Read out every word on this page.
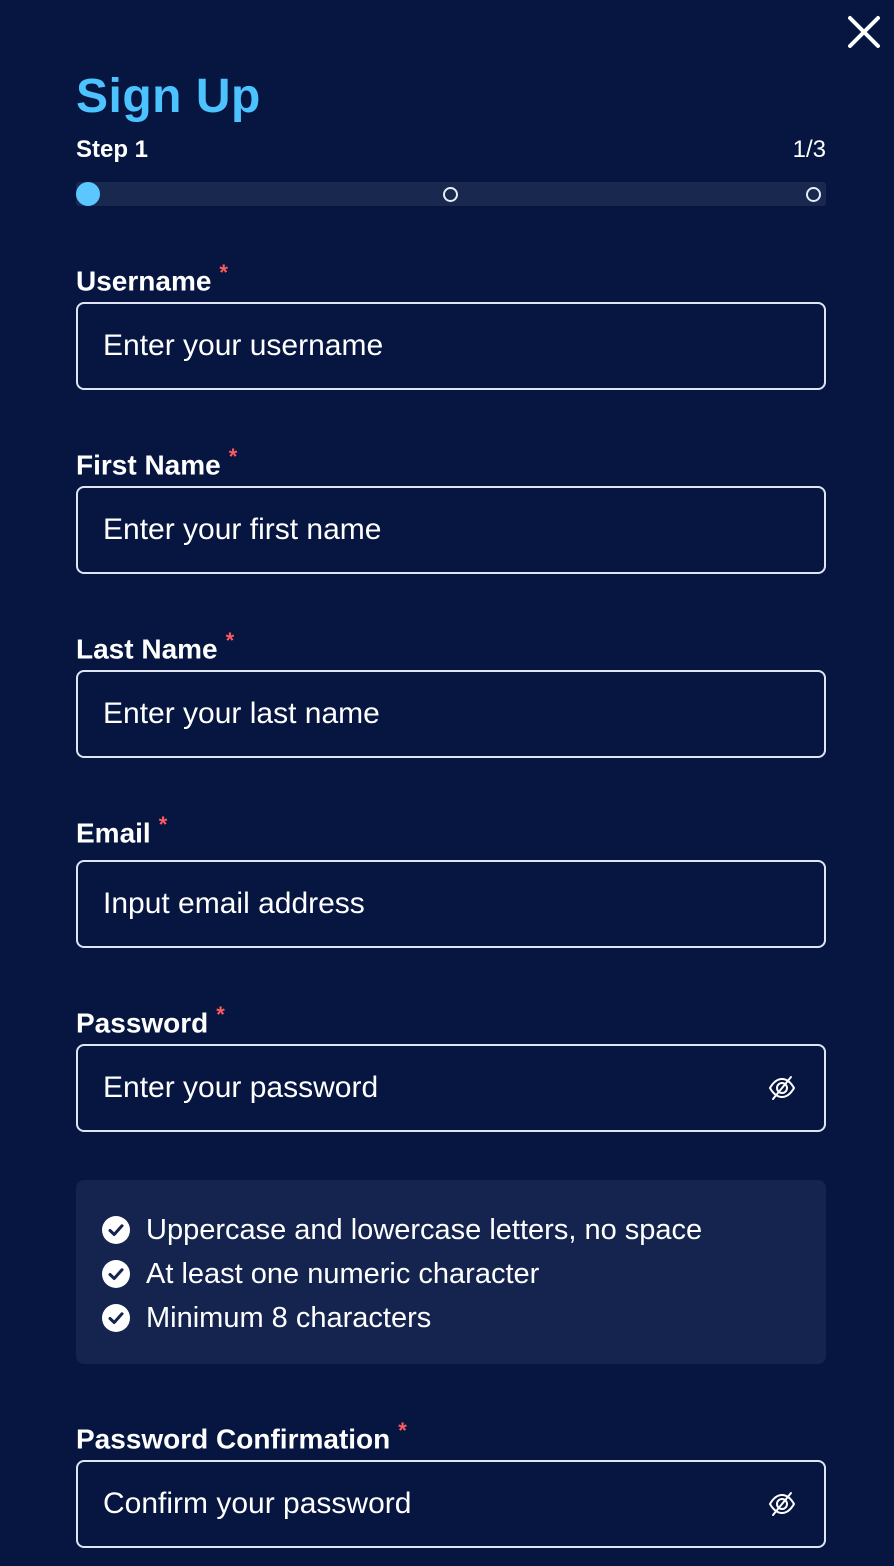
Sign Up
Step 1	1/3
Username *
Enter your username
First Name *
Enter your first name
Last Name *
Enter your last name
Email *
Input email address
Password *
Uppercase and lowercase letters, no space
At least one numeric character
Minimum 8 characters
Password Confirmation *
